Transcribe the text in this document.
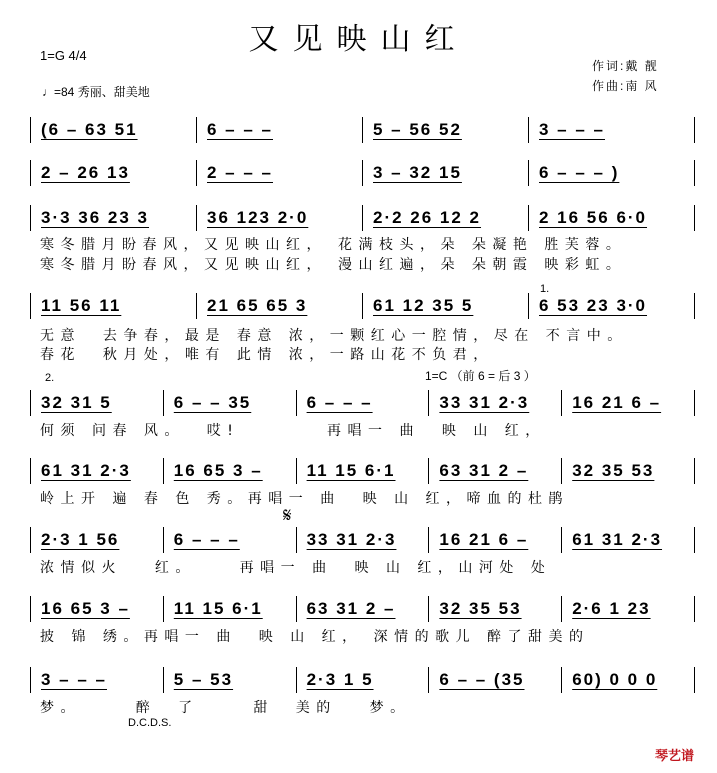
又见映山红
1=G 4/4
♩=84 秀丽、甜美地
作词:戴 靓
作曲:南 风
(6 – 63 51	6 – – –	5 – 56 52	3 – – –
2 – 26 13	2 – – –	3 – 32 15	6 – – – )
3·3 36 23 3	36 123 2·0	2·2 26 12 2	2 16 56 6·0
寒冬腊月盼春风，又见映山红， 花满枝头，朵 朵凝艳 胜芙蓉。
寒冬腊月盼春风，又见映山红， 漫山红遍，朵 朵朝霞 映彩虹。
11 56 11	21 65 65 3	61 12 35 5	6 53 23 3·0
无意  去争春，最是 春意 浓，一颗红心一腔情，尽在 不言中。
春花  秋月处，唯有 此情 浓，一路山花不负君，
32 31 5	6 – – 35	6 – – –	33 31 2·3	16 21 6 –
何须 问春 风。  哎!        再唱一 曲  映 山 红，
61 31 2·3	16 65 3 –	11 15 6·1	63 31 2 –	32 35 53
岭上开 遍 春 色 秀。再唱一 曲  映 山 红，啼血的杜鹃
2·3 1 56	6 – – –	33 31 2·3	16 21 6 –	61 31 2·3
浓情似火   红。    再唱一 曲  映 山 红，山河处 处
16 65 3 –	11 15 6·1	63 31 2 –	32 35 53	2·6 1 23
披 锦 绣。再唱一 曲  映 山 红， 深情的歌儿 醉了甜美的
3 – – –	5 – 53	2·3 1 5	6 – – (35	60) 0 0 0
梦。     醉  了     甜  美的   梦。
2.
1.
1=C （前 6 = 后 3 ）
𝄋
D.C.D.S.
琴艺谱
